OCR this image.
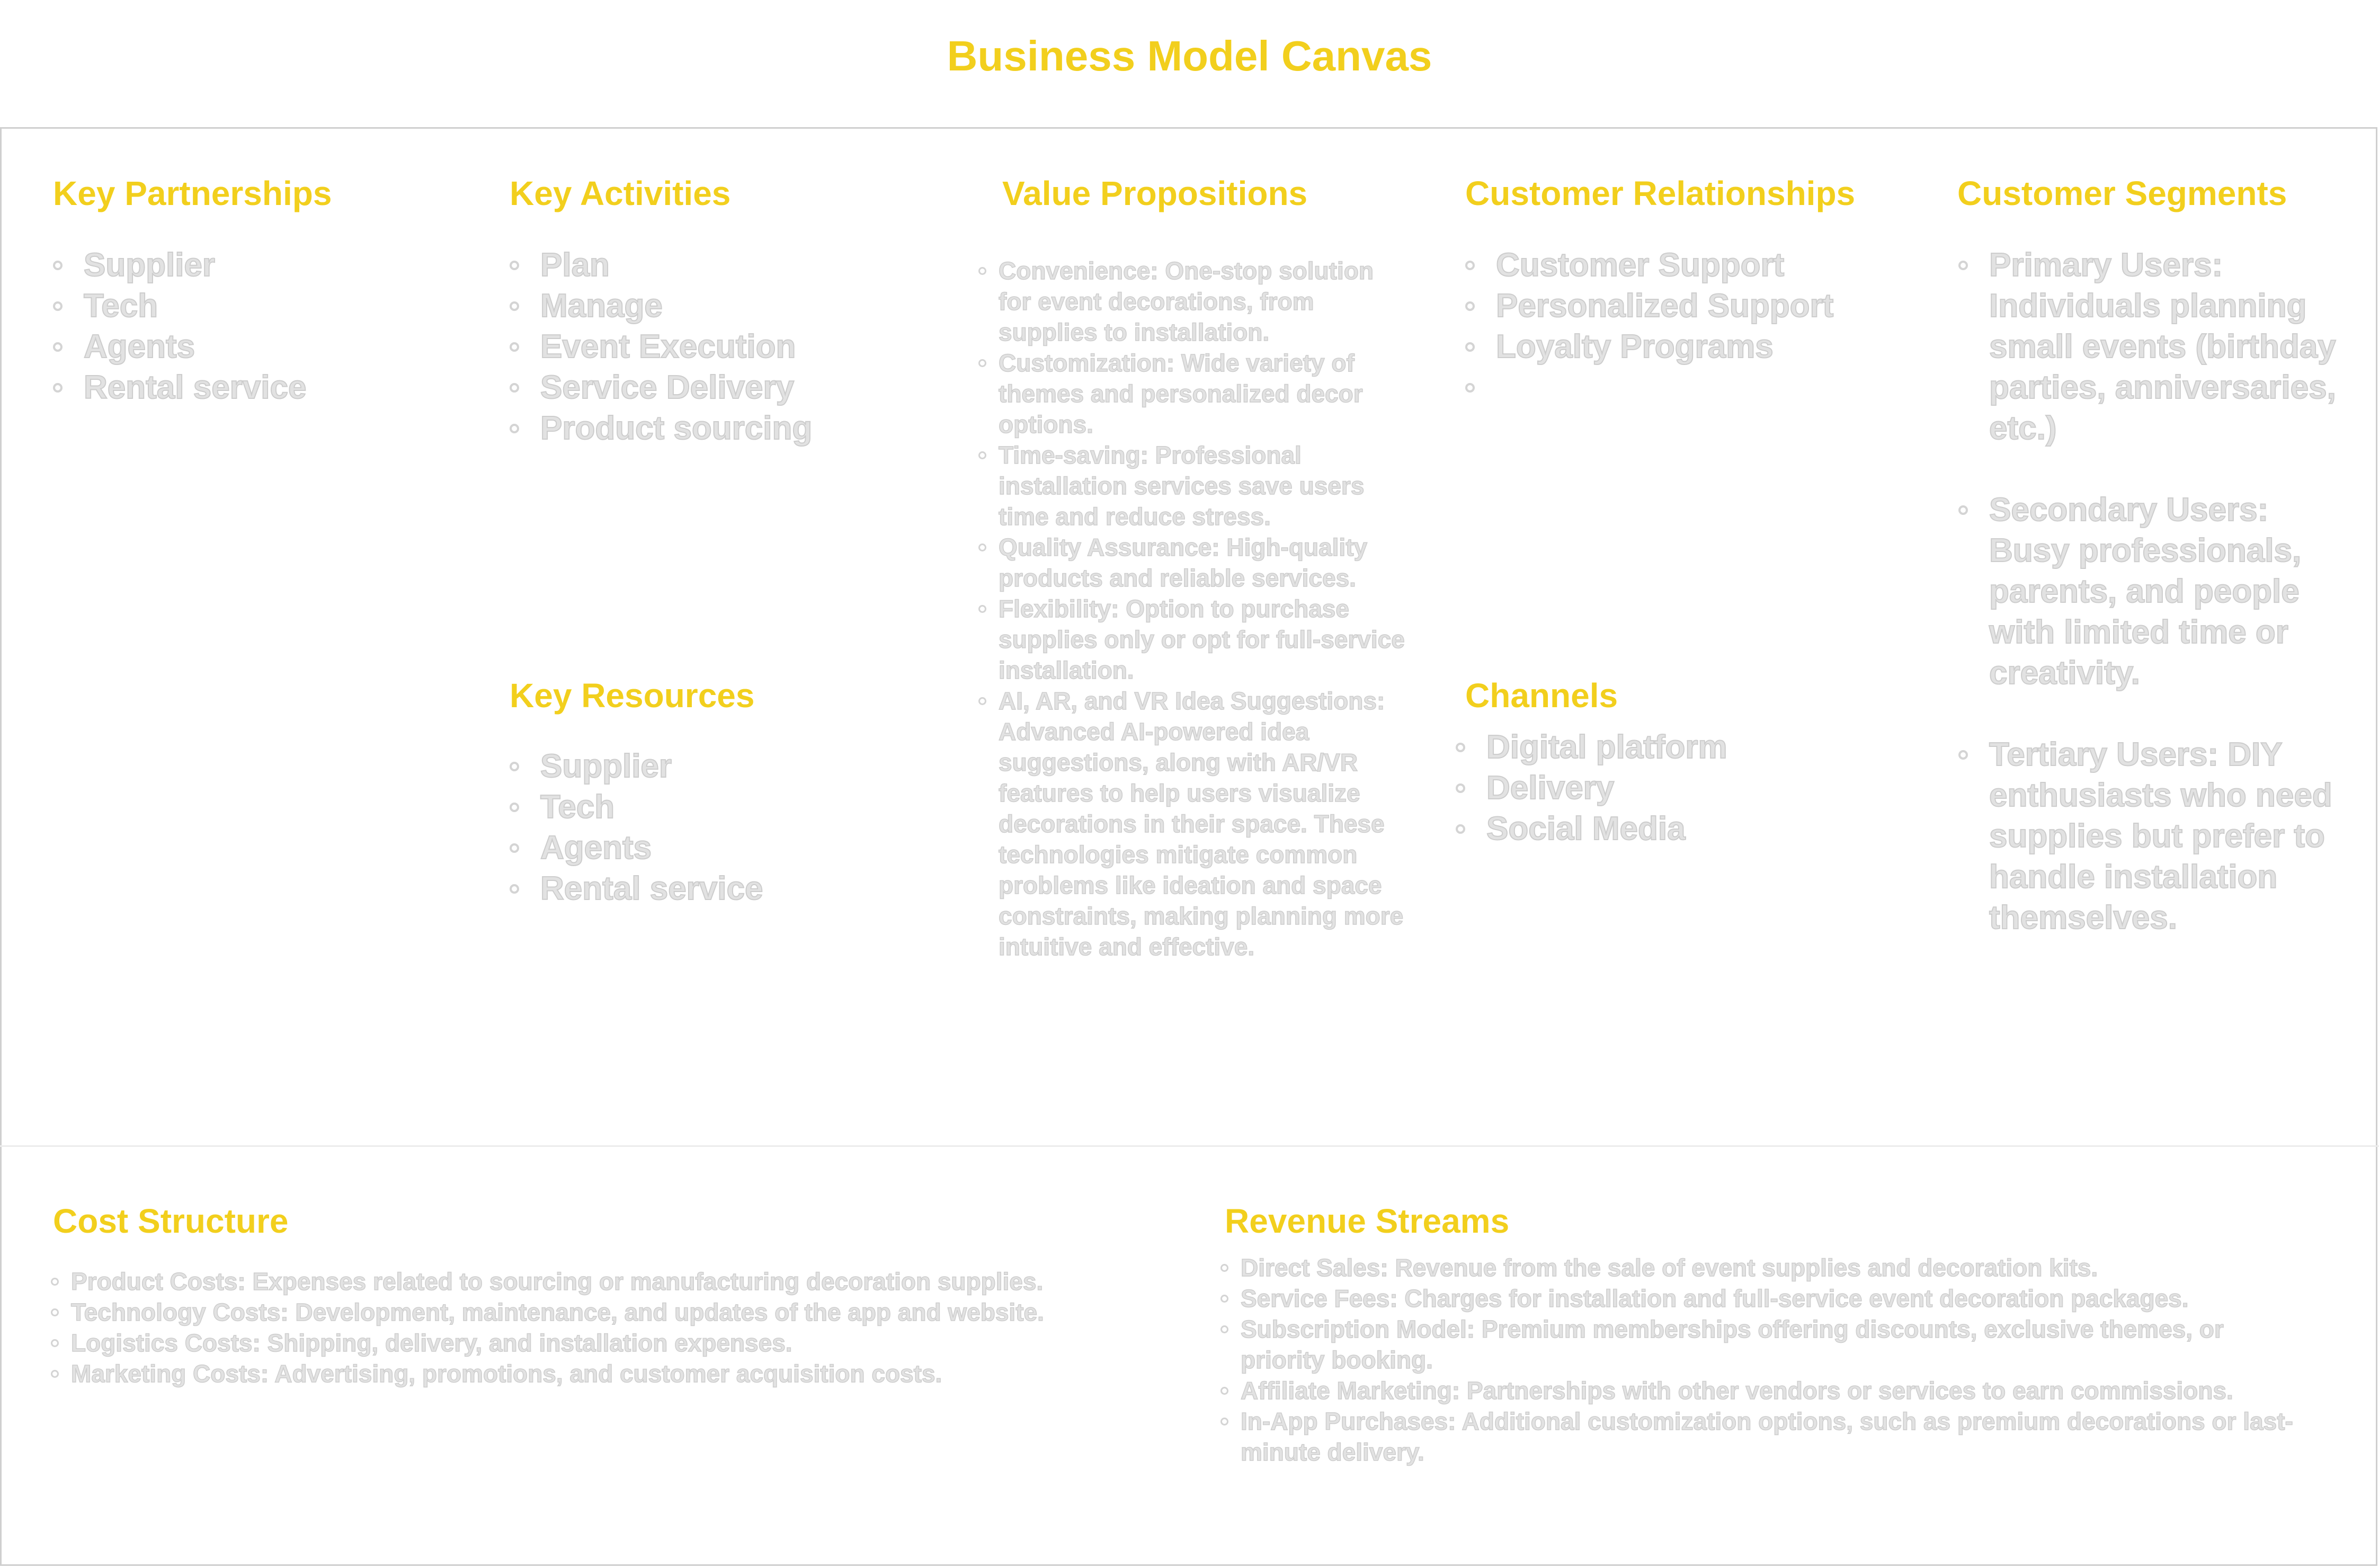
Business Model Canvas
Key Partnerships
Supplier
Tech
Agents
Rental service
Key Activities
Plan
Manage
Event Execution
Service Delivery
Product sourcing
Key Resources
Supplier
Tech
Agents
Rental service
Value Propositions
Convenience: One-stop solution for event decorations, from supplies to installation.
Customization: Wide variety of themes and personalized decor options.
Time-saving: Professional installation services save users time and reduce stress.
Quality Assurance: High-quality products and reliable services.
Flexibility: Option to purchase supplies only or opt for full-service installation.
AI, AR, and VR Idea Suggestions: Advanced AI-powered idea suggestions, along with AR/VR features to help users visualize decorations in their space. These technologies mitigate common problems like ideation and space constraints, making planning more intuitive and effective.
Customer Relationships
Customer Support
Personalized Support
Loyalty Programs
Channels
Digital platform
Delivery
Social Media
Customer Segments
Primary Users: Individuals planning small events (birthday parties, anniversaries, etc.)
Secondary Users: Busy professionals, parents, and people with limited time or creativity.
Tertiary Users: DIY enthusiasts who need supplies but prefer to handle installation themselves.
Cost Structure
Product Costs: Expenses related to sourcing or manufacturing decoration supplies.
Technology Costs: Development, maintenance, and updates of the app and website.
Logistics Costs: Shipping, delivery, and installation expenses.
Marketing Costs: Advertising, promotions, and customer acquisition costs.
Revenue Streams
Direct Sales: Revenue from the sale of event supplies and decoration kits.
Service Fees: Charges for installation and full-service event decoration packages.
Subscription Model: Premium memberships offering discounts, exclusive themes, or priority booking.
Affiliate Marketing: Partnerships with other vendors or services to earn commissions.
In-App Purchases: Additional customization options, such as premium decorations or last-minute delivery.
